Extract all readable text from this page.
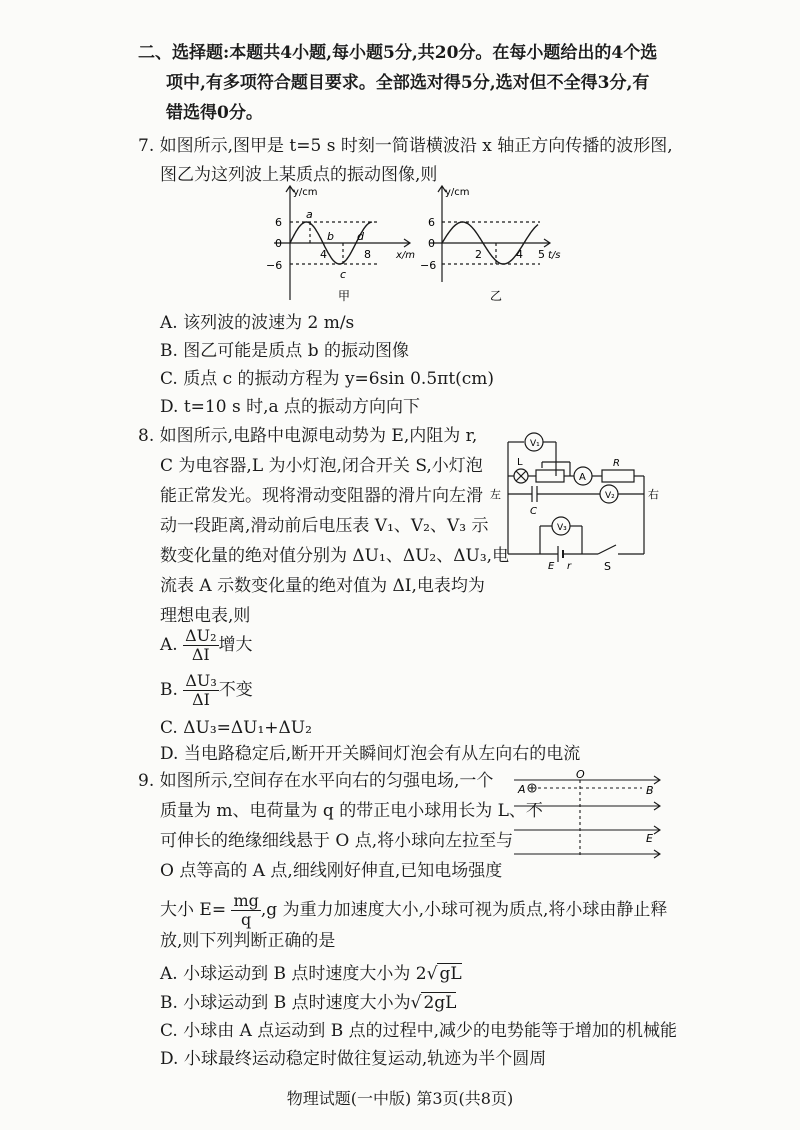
二、选择题:本题共4小题,每小题5分,共20分。在每小题给出的4个选
项中,有多项符合题目要求。全部选对得5分,选对但不全得3分,有
错选得0分。
7. 如图所示,图甲是 t=5 s 时刻一简谐横波沿 x 轴正方向传播的波形图,
图乙为这列波上某质点的振动图像,则
y/cm
6
0
−6
4	8	x/m
a
b
c
d
甲
y/cm
6
0
−6
2	4 5 t/s
乙
A. 该列波的波速为 2 m/s
B. 图乙可能是质点 b 的振动图像
C. 质点 c 的振动方程为 y=6sin 0.5πt(cm)
D. t=10 s 时,a 点的振动方向向下
8. 如图所示,电路中电源电动势为 E,内阻为 r,
C 为电容器,L 为小灯泡,闭合开关 S,小灯泡
能正常发光。现将滑动变阻器的滑片向左滑
动一段距离,滑动前后电压表 V₁、V₂、V₃ 示
数变化量的绝对值分别为 ΔU₁、ΔU₂、ΔU₃,电
流表 A 示数变化量的绝对值为 ΔI,电表均为
理想电表,则
V₁
L
A
R
C
V₂
V₃
E r	S
左	右
A. $\frac{\text{ΔU₂}}{\Delta I}$ 增大
B. $\frac{\text{ΔU₃}}{\Delta I}$ 不变
C. ΔU₃=ΔU₁+ΔU₂
D. 当电路稳定后,断开开关瞬间灯泡会有从左向右的电流
9. 如图所示,空间存在水平向右的匀强电场,一个
质量为 m、电荷量为 q 的带正电小球用长为 L、不
可伸长的绝缘细线悬于 O 点,将小球向左拉至与
O 点等高的 A 点,细线刚好伸直,已知电场强度
A
O
B
E
大小 $E= \frac{mg}{q} ,g$ 为重力加速度大小,小球可视为质点,将小球由静止释
放,则下列判断正确的是
A. 小球运动到 B 点时速度大小为 2√ gL
B. 小球运动到 B 点时速度大小为√ 2gL
C. 小球由 A 点运动到 B 点的过程中,减少的电势能等于增加的机械能
D. 小球最终运动稳定时做往复运动,轨迹为半个圆周
物理试题(一中版) 第3页(共8页)
